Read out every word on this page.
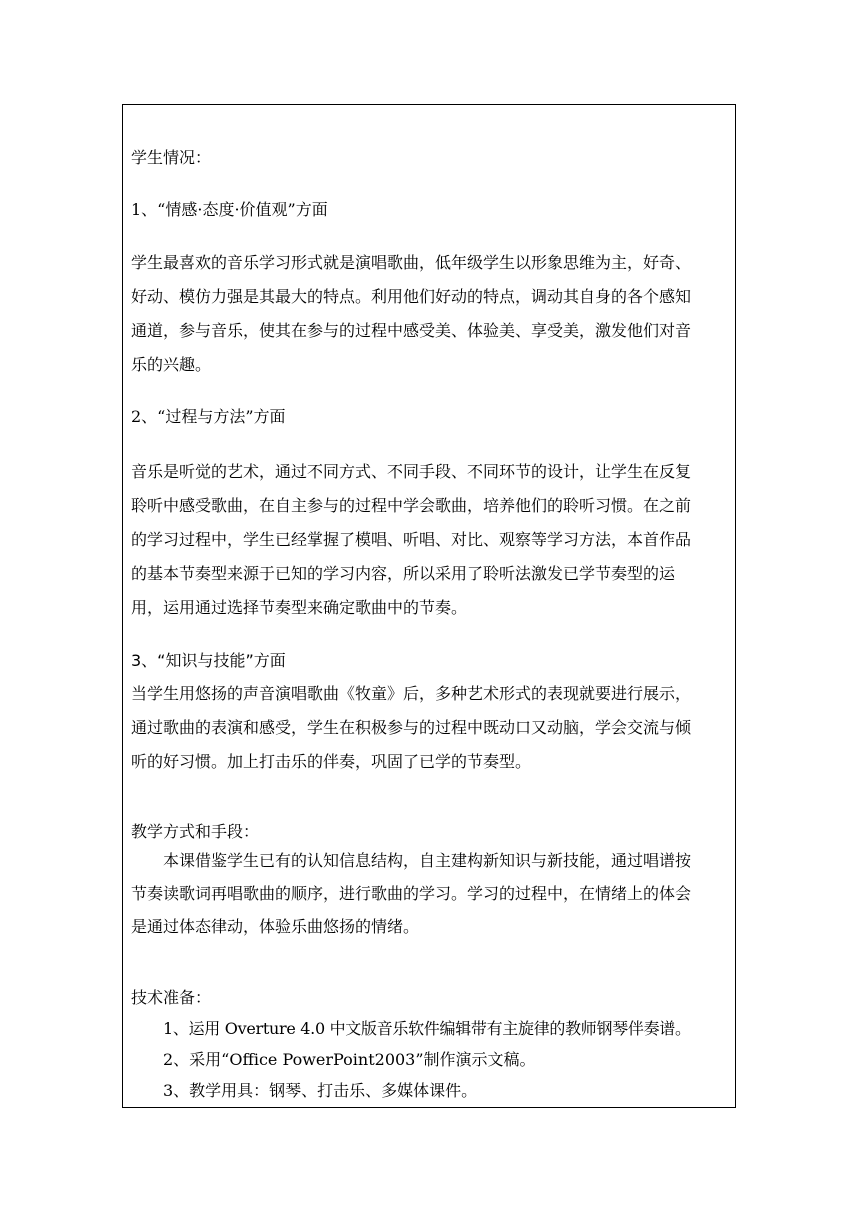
学生情况：

1、“情感·态度·价值观”方面

学生最喜欢的音乐学习形式就是演唱歌曲，低年级学生以形象思维为主，好奇、

好动、模仿力强是其最大的特点。利用他们好动的特点，调动其自身的各个感知

通道，参与音乐，使其在参与的过程中感受美、体验美、享受美，激发他们对音

乐的兴趣。

2、“过程与方法”方面

音乐是听觉的艺术，通过不同方式、不同手段、不同环节的设计，让学生在反复

聆听中感受歌曲，在自主参与的过程中学会歌曲，培养他们的聆听习惯。在之前

的学习过程中，学生已经掌握了模唱、听唱、对比、观察等学习方法，本首作品

的基本节奏型来源于已知的学习内容，所以采用了聆听法激发已学节奏型的运

用，运用通过选择节奏型来确定歌曲中的节奏。

3、“知识与技能”方面

当学生用悠扬的声音演唱歌曲《牧童》后，多种艺术形式的表现就要进行展示，

通过歌曲的表演和感受，学生在积极参与的过程中既动口又动脑，学会交流与倾

听的好习惯。加上打击乐的伴奏，巩固了已学的节奏型。

教学方式和手段：

本课借鉴学生已有的认知信息结构，自主建构新知识与新技能，通过唱谱按

节奏读歌词再唱歌曲的顺序，进行歌曲的学习。学习的过程中，在情绪上的体会

是通过体态律动，体验乐曲悠扬的情绪。

技术准备：

1、运用 Overture 4.0 中文版音乐软件编辑带有主旋律的教师钢琴伴奏谱。

2、采用“Office PowerPoint2003”制作演示文稿。

3、教学用具：钢琴、打击乐、多媒体课件。
